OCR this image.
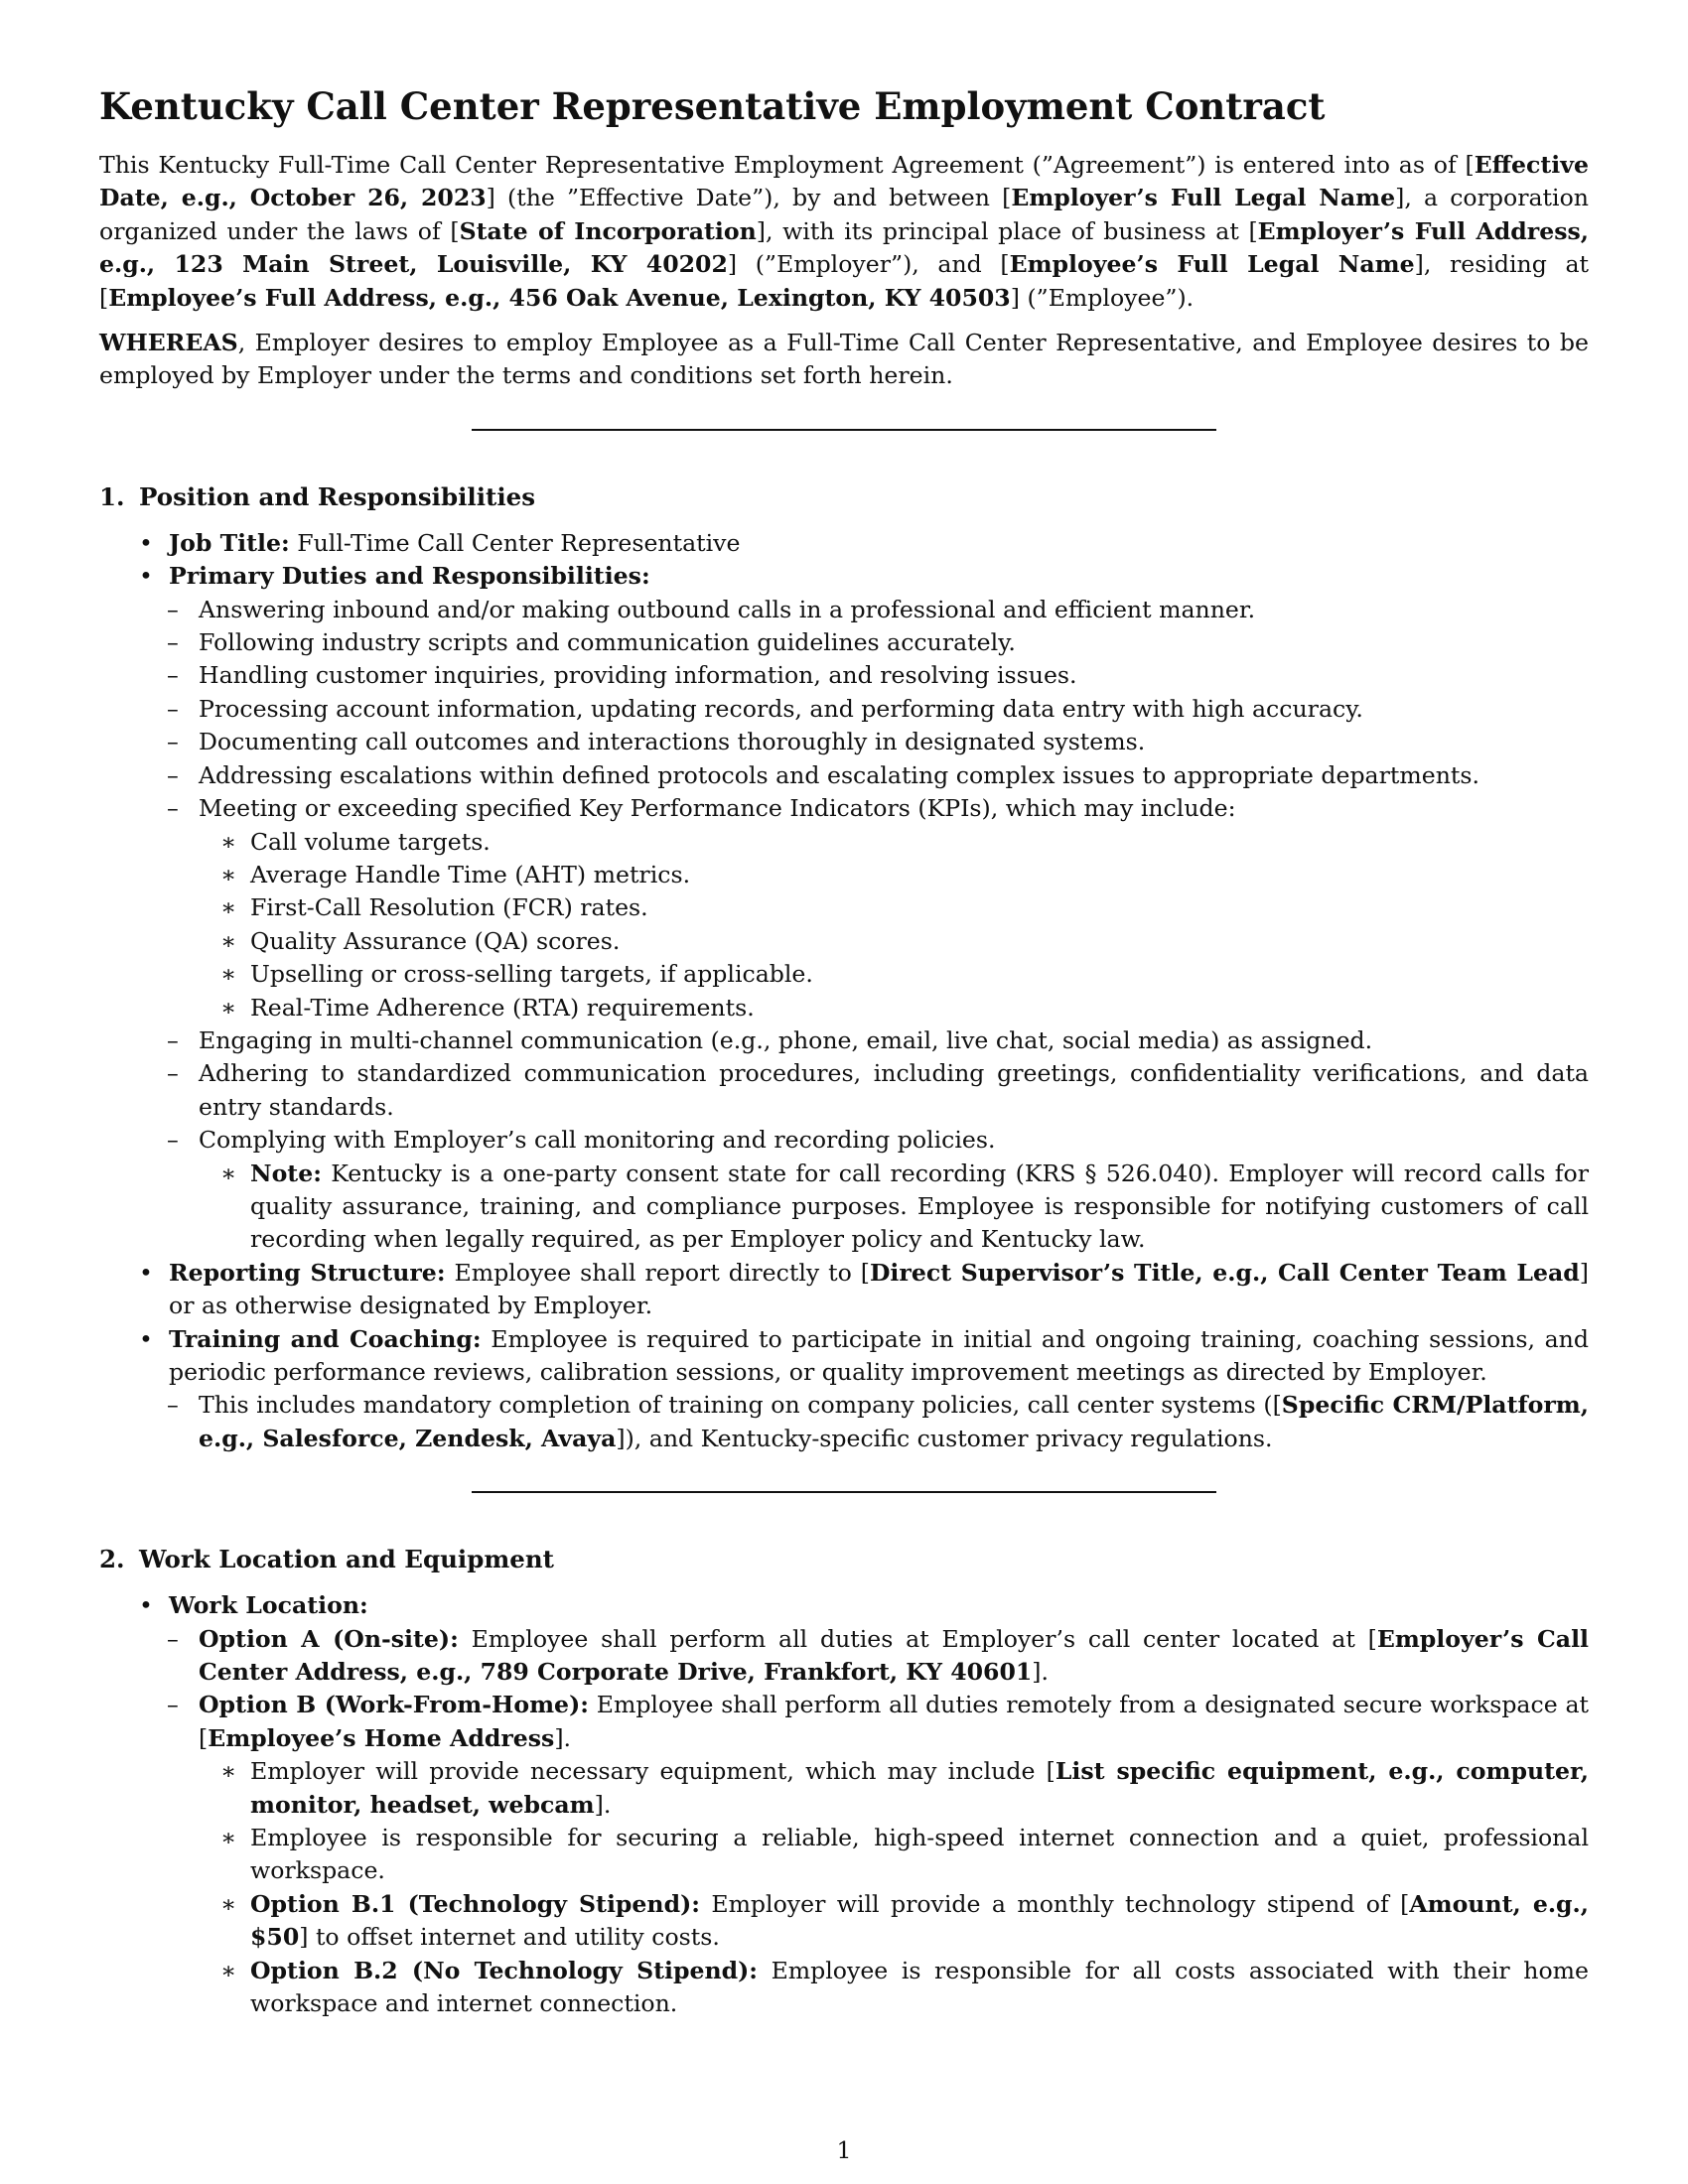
Kentucky Call Center Representative Employment Contract

This Kentucky Full-Time Call Center Representative Employment Agreement (”Agreement”) is entered into as of [Effective Date, e.g., October 26, 2023] (the ”Effective Date”), by and between [Employer’s Full Legal Name], a corporation organized under the laws of [State of Incorporation], with its principal place of business at [Employer’s Full Address, e.g., 123 Main Street, Louisville, KY 40202] (”Employer”), and [Employee’s Full Legal Name], residing at [Employee’s Full Address, e.g., 456 Oak Avenue, Lexington, KY 40503] (”Employee”).

WHEREAS, Employer desires to employ Employee as a Full-Time Call Center Representative, and Employee desires to be employed by Employer under the terms and conditions set forth herein.

1. Position and Responsibilities
• Job Title: Full-Time Call Center Representative
• Primary Duties and Responsibilities:
– Answering inbound and/or making outbound calls in a professional and efficient manner.
– Following industry scripts and communication guidelines accurately.
– Handling customer inquiries, providing information, and resolving issues.
– Processing account information, updating records, and performing data entry with high accuracy.
– Documenting call outcomes and interactions thoroughly in designated systems.
– Addressing escalations within defined protocols and escalating complex issues to appropriate departments.
– Meeting or exceeding specified Key Performance Indicators (KPIs), which may include:
∗ Call volume targets.
∗ Average Handle Time (AHT) metrics.
∗ First-Call Resolution (FCR) rates.
∗ Quality Assurance (QA) scores.
∗ Upselling or cross-selling targets, if applicable.
∗ Real-Time Adherence (RTA) requirements.
– Engaging in multi-channel communication (e.g., phone, email, live chat, social media) as assigned.
– Adhering to standardized communication procedures, including greetings, confidentiality verifications, and data entry standards.
– Complying with Employer’s call monitoring and recording policies.
∗ Note: Kentucky is a one-party consent state for call recording (KRS § 526.040). Employer will record calls for quality assurance, training, and compliance purposes. Employee is responsible for notifying customers of call recording when legally required, as per Employer policy and Kentucky law.
• Reporting Structure: Employee shall report directly to [Direct Supervisor’s Title, e.g., Call Center Team Lead] or as otherwise designated by Employer.
• Training and Coaching: Employee is required to participate in initial and ongoing training, coaching sessions, and periodic performance reviews, calibration sessions, or quality improvement meetings as directed by Employer.
– This includes mandatory completion of training on company policies, call center systems ([Specific CRM/Platform, e.g., Salesforce, Zendesk, Avaya]), and Kentucky-specific customer privacy regulations.
2. Work Location and Equipment
• Work Location:
– Option A (On-site): Employee shall perform all duties at Employer’s call center located at [Employer’s Call Center Address, e.g., 789 Corporate Drive, Frankfort, KY 40601].
– Option B (Work-From-Home): Employee shall perform all duties remotely from a designated secure workspace at [Employee’s Home Address].
∗ Employer will provide necessary equipment, which may include [List specific equipment, e.g., computer, monitor, headset, webcam].
∗ Employee is responsible for securing a reliable, high-speed internet connection and a quiet, professional workspace.
∗ Option B.1 (Technology Stipend): Employer will provide a monthly technology stipend of [Amount, e.g., $50] to offset internet and utility costs.
∗ Option B.2 (No Technology Stipend): Employee is responsible for all costs associated with their home workspace and internet connection.
1
